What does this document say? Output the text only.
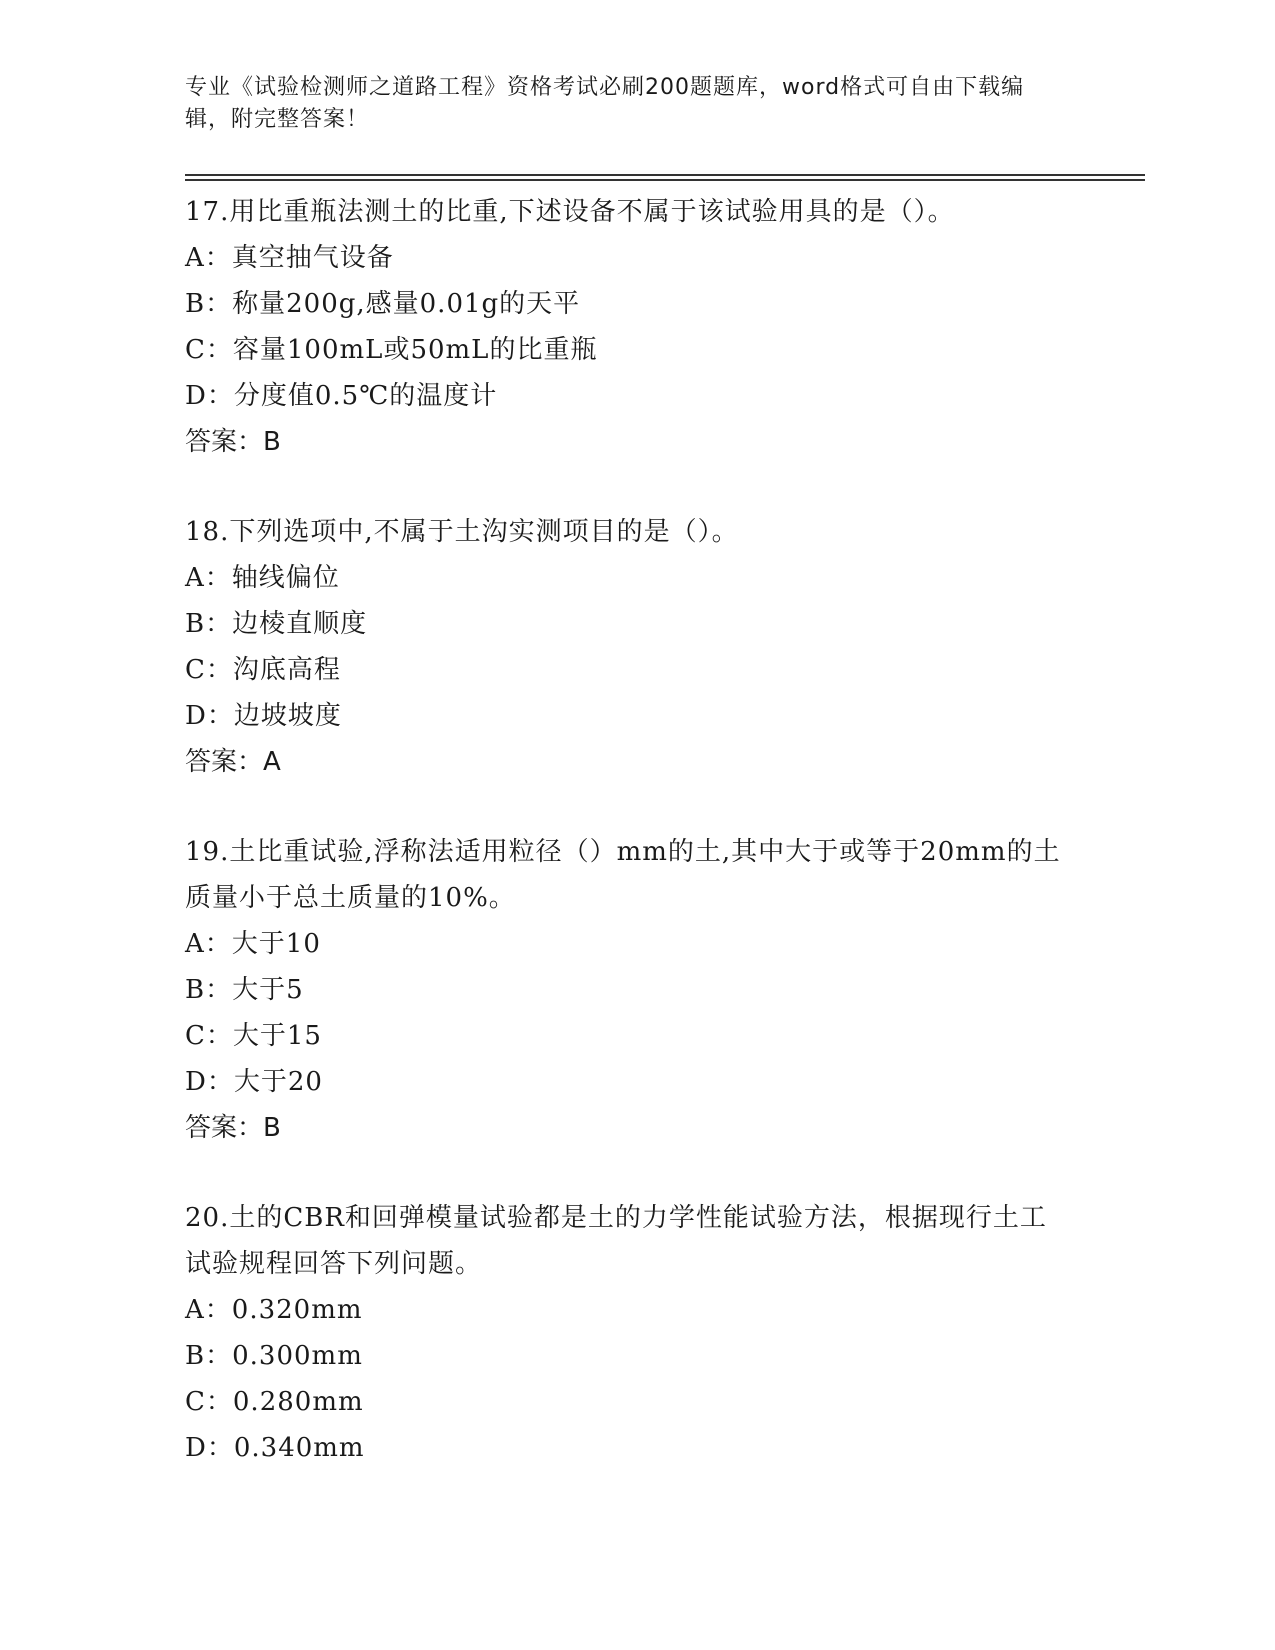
专业《试验检测师之道路工程》资格考试必刷200题题库，word格式可自由下载编辑，附完整答案！

17.用比重瓶法测土的比重,下述设备不属于该试验用具的是（）。

A：真空抽气设备

B：称量200g,感量0.01g的天平

C：容量100mL或50mL的比重瓶

D：分度值0.5℃的温度计

答案：B

18.下列选项中,不属于土沟实测项目的是（）。

A：轴线偏位

B：边棱直顺度

C：沟底高程

D：边坡坡度

答案：A

19.土比重试验,浮称法适用粒径（）mm的土,其中大于或等于20mm的土质量小于总土质量的10%。

A：大于10

B：大于5

C：大于15

D：大于20

答案：B

20.土的CBR和回弹模量试验都是土的力学性能试验方法，根据现行土工试验规程回答下列问题。

A：0.320mm

B：0.300mm

C：0.280mm

D：0.340mm
